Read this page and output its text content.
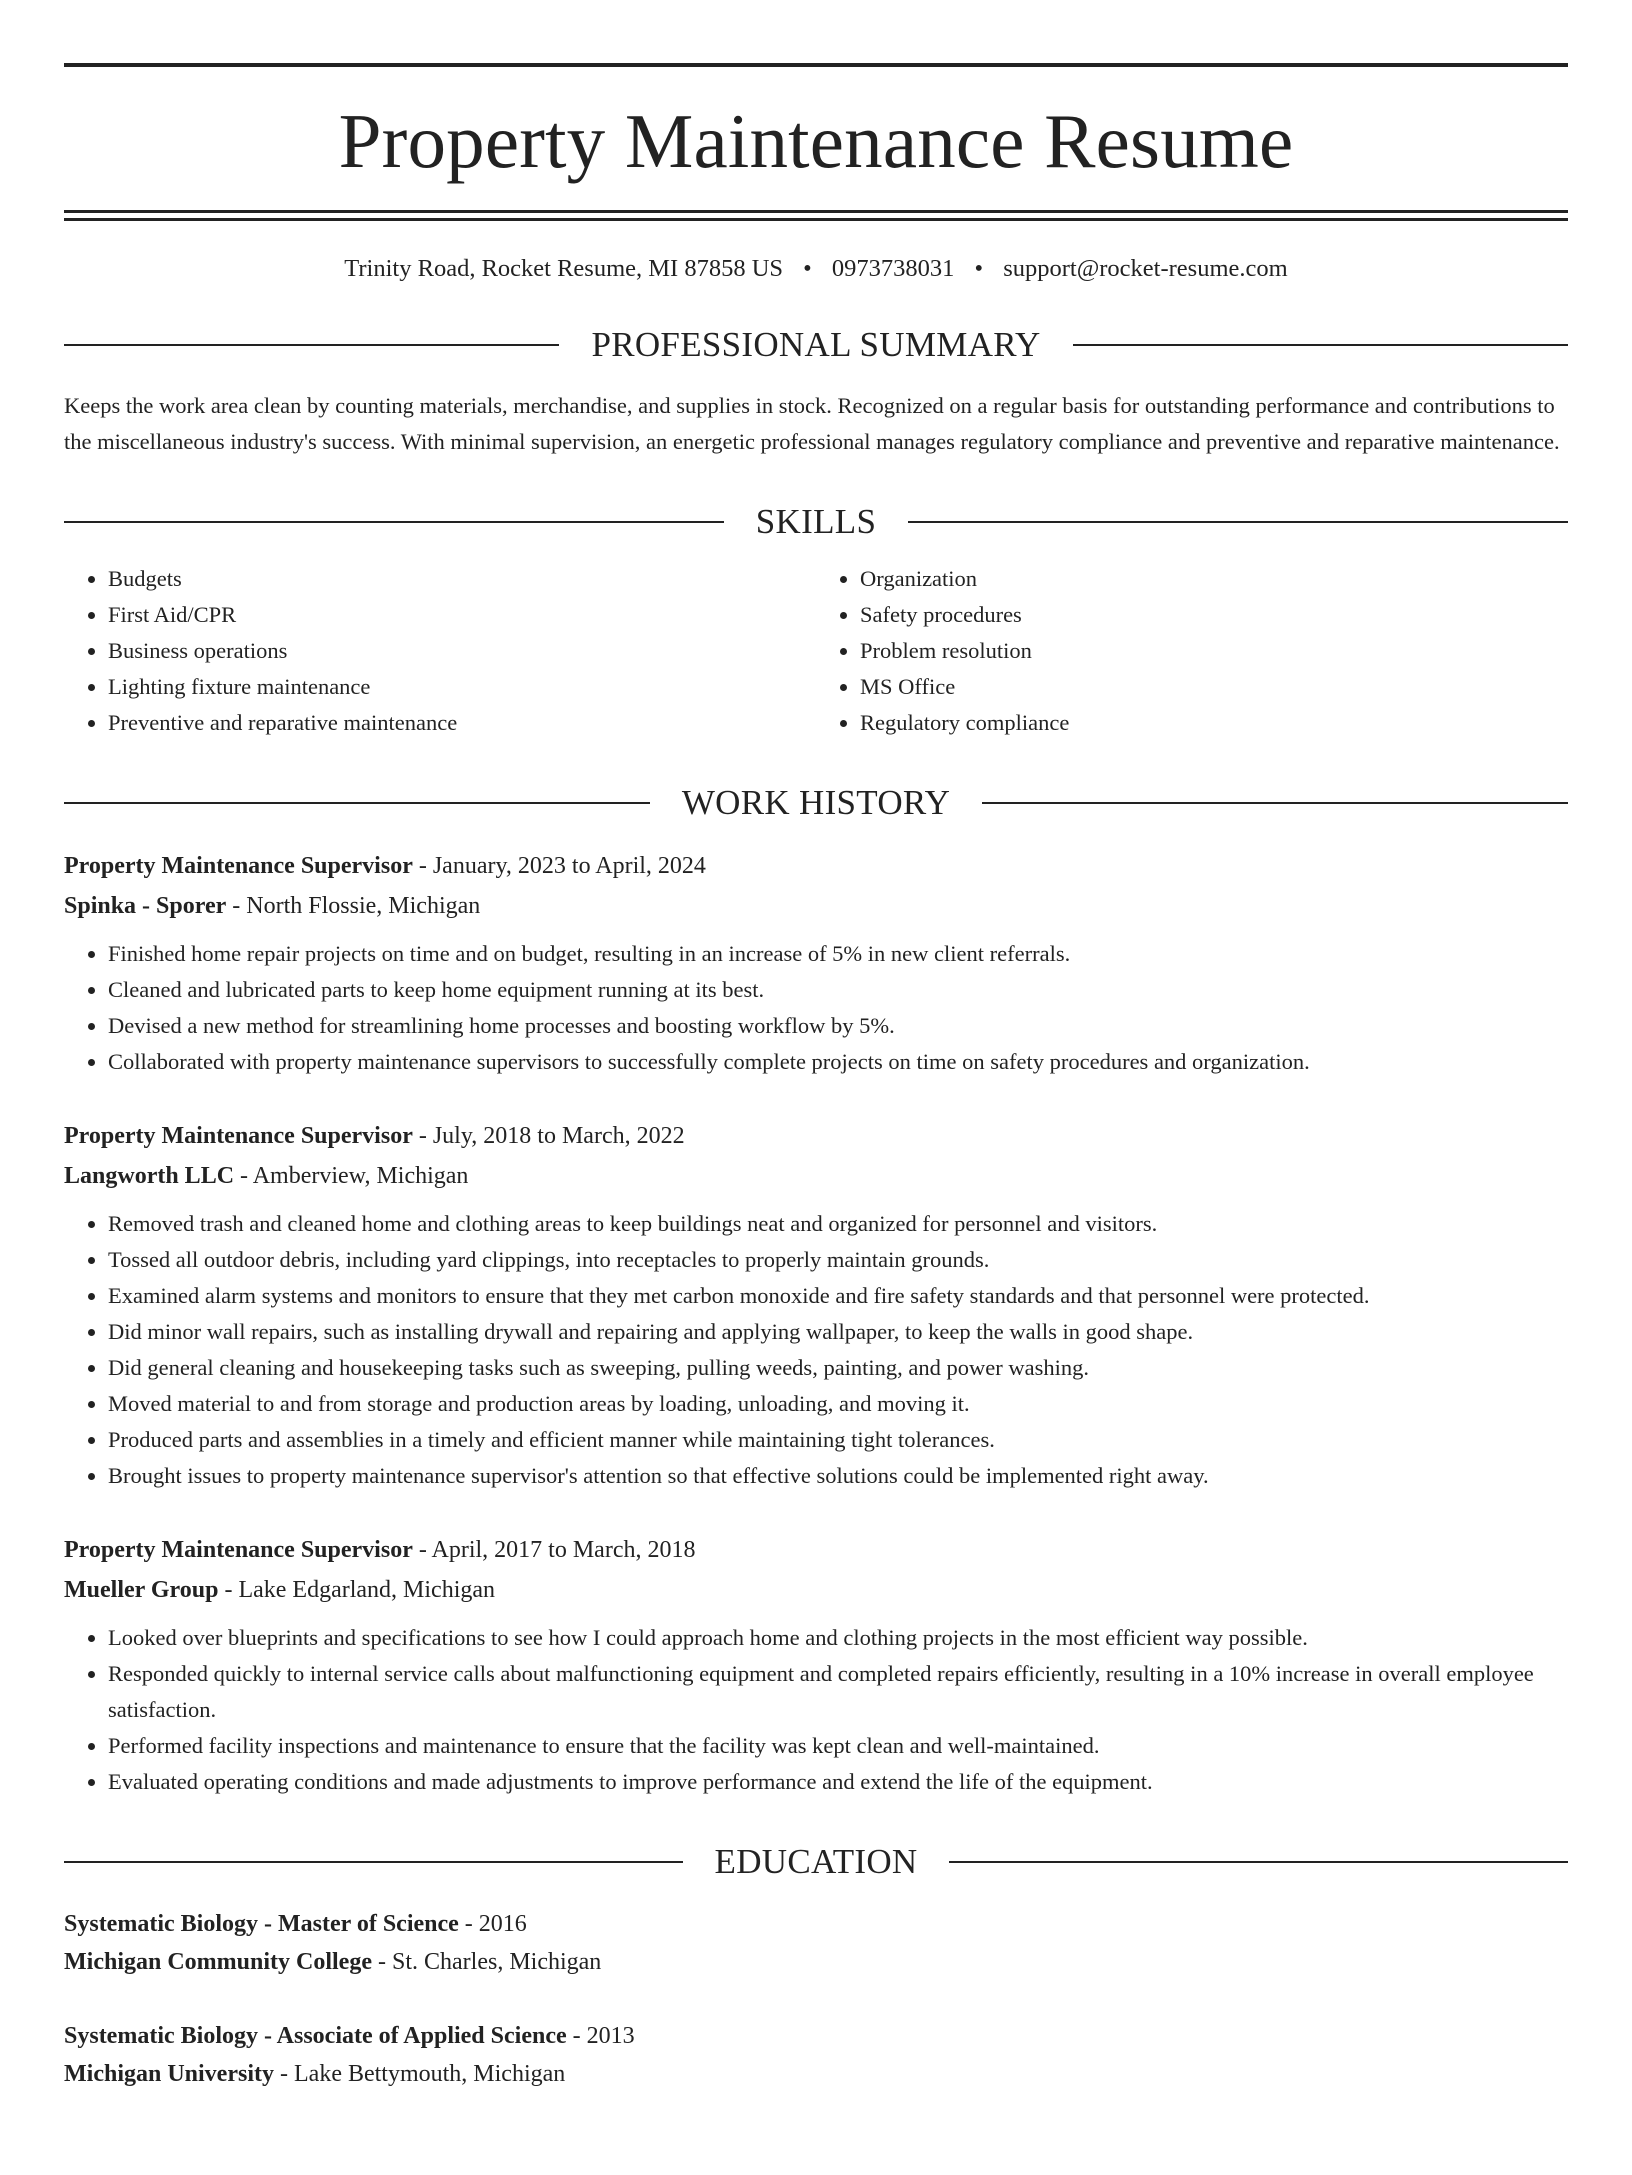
Property Maintenance Resume
Trinity Road, Rocket Resume, MI 87858 US • 0973738031 • support@rocket-resume.com
PROFESSIONAL SUMMARY

Keeps the work area clean by counting materials, merchandise, and supplies in stock. Recognized on a regular basis for outstanding performance and contributions to the miscellaneous industry's success. With minimal supervision, an energetic professional manages regulatory compliance and preventive and reparative maintenance.

SKILLS
• Budgets
• First Aid/CPR
• Business operations
• Lighting fixture maintenance
• Preventive and reparative maintenance
• Organization
• Safety procedures
• Problem resolution
• MS Office
• Regulatory compliance
WORK HISTORY
Property Maintenance Supervisor - January, 2023 to April, 2024
Spinka - Sporer - North Flossie, Michigan
• Finished home repair projects on time and on budget, resulting in an increase of 5% in new client referrals.
• Cleaned and lubricated parts to keep home equipment running at its best.
• Devised a new method for streamlining home processes and boosting workflow by 5%.
• Collaborated with property maintenance supervisors to successfully complete projects on time on safety procedures and organization.
Property Maintenance Supervisor - July, 2018 to March, 2022
Langworth LLC - Amberview, Michigan
• Removed trash and cleaned home and clothing areas to keep buildings neat and organized for personnel and visitors.
• Tossed all outdoor debris, including yard clippings, into receptacles to properly maintain grounds.
• Examined alarm systems and monitors to ensure that they met carbon monoxide and fire safety standards and that personnel were protected.
• Did minor wall repairs, such as installing drywall and repairing and applying wallpaper, to keep the walls in good shape.
• Did general cleaning and housekeeping tasks such as sweeping, pulling weeds, painting, and power washing.
• Moved material to and from storage and production areas by loading, unloading, and moving it.
• Produced parts and assemblies in a timely and efficient manner while maintaining tight tolerances.
• Brought issues to property maintenance supervisor's attention so that effective solutions could be implemented right away.
Property Maintenance Supervisor - April, 2017 to March, 2018
Mueller Group - Lake Edgarland, Michigan
• Looked over blueprints and specifications to see how I could approach home and clothing projects in the most efficient way possible.
• Responded quickly to internal service calls about malfunctioning equipment and completed repairs efficiently, resulting in a 10% increase in overall employee satisfaction.
• Performed facility inspections and maintenance to ensure that the facility was kept clean and well-maintained.
• Evaluated operating conditions and made adjustments to improve performance and extend the life of the equipment.
EDUCATION
Systematic Biology - Master of Science - 2016
Michigan Community College - St. Charles, Michigan
Systematic Biology - Associate of Applied Science - 2013
Michigan University - Lake Bettymouth, Michigan
